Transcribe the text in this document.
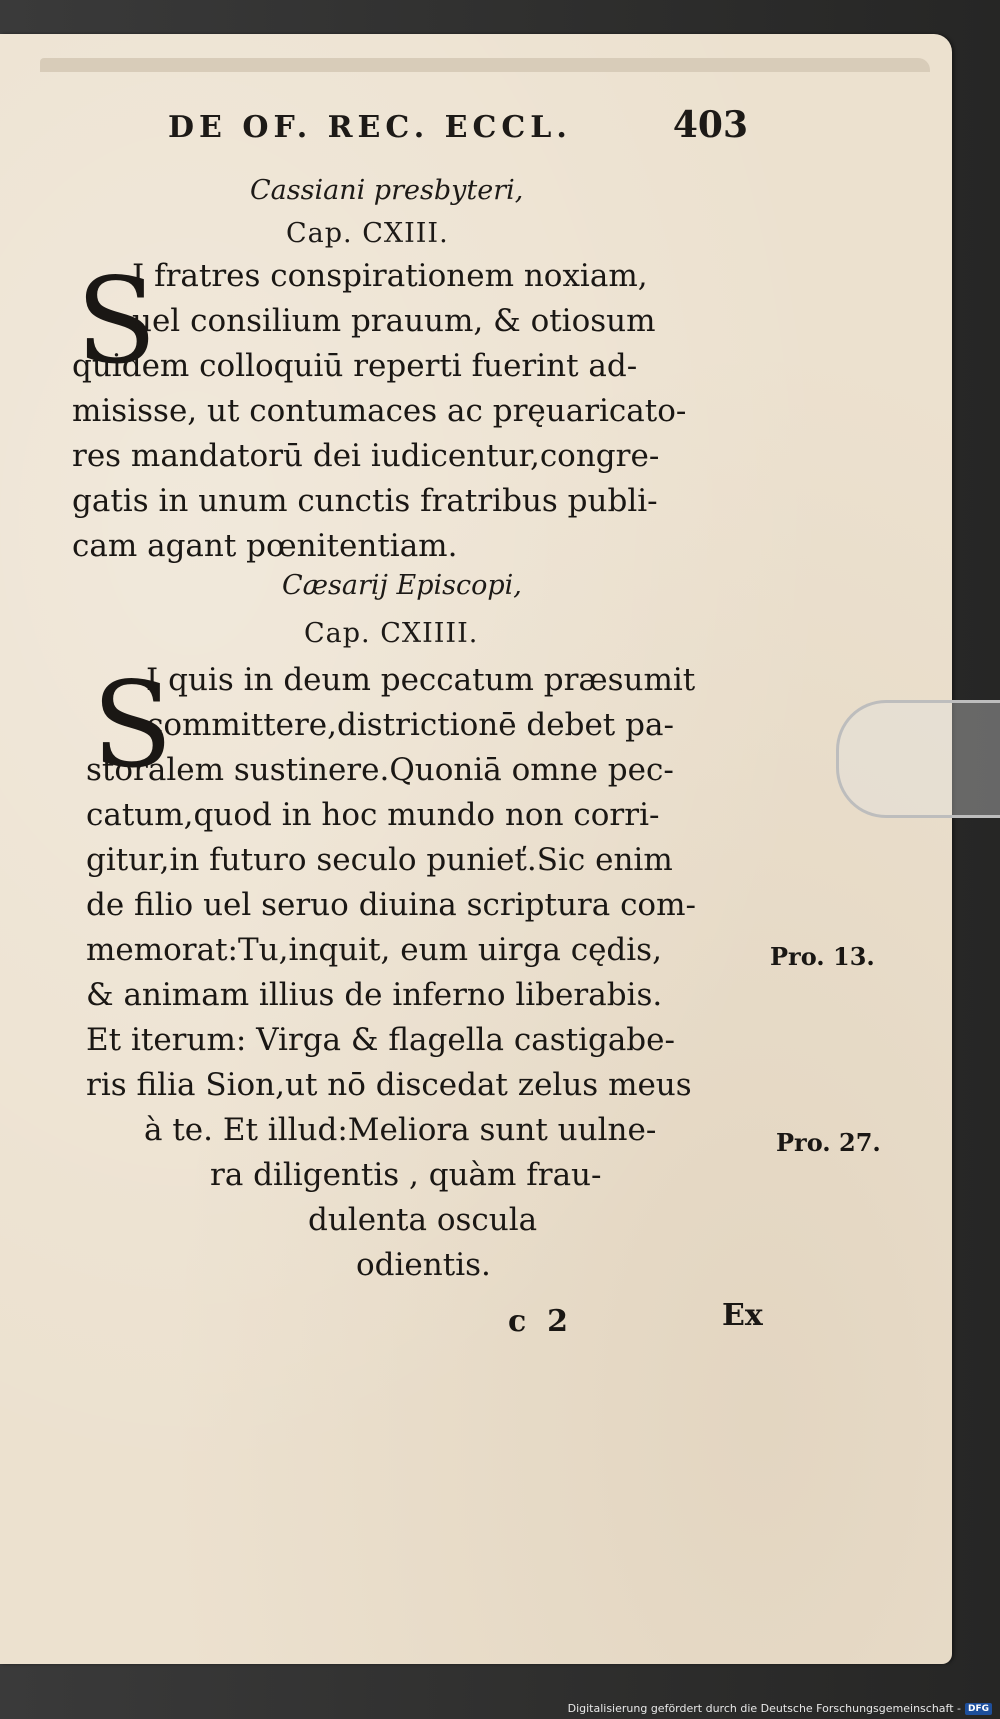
DE OF. REC. ECCL.	403
Cassiani presbyteri,
Cap. CXIII.
S
I fratres conspirationem noxiam,
uel consilium prauum, & otiosum
quidem colloquiū reperti fuerint ad-
misisse, ut contumaces ac pręuaricato-
res mandatorū dei iudicentur,congre-
gatis in unum cunctis fratribus publi-
cam agant pœnitentiam.
Cæsarij Episcopi,
Cap. CXIIII.
S
I quis in deum peccatum præsumit
committere,districtionē debet pa-
storalem sustinere.Quoniā omne pec-
catum,quod in hoc mundo non corri-
gitur,in futuro seculo punieť.Sic enim
de filio uel seruo diuina scriptura com-
memorat:Tu,inquit, eum uirga cędis,
& animam illius de inferno liberabis.
Et iterum: Virga & flagella castigabe-
ris filia Sion,ut nō discedat zelus meus
à te. Et illud:Meliora sunt uulne-
ra diligentis , quàm frau-
dulenta oscula
odientis.
Pro. 13.
Pro. 27.
c  2	Ex
Digitalisierung gefördert durch die Deutsche Forschungsgemeinschaft - DFG
